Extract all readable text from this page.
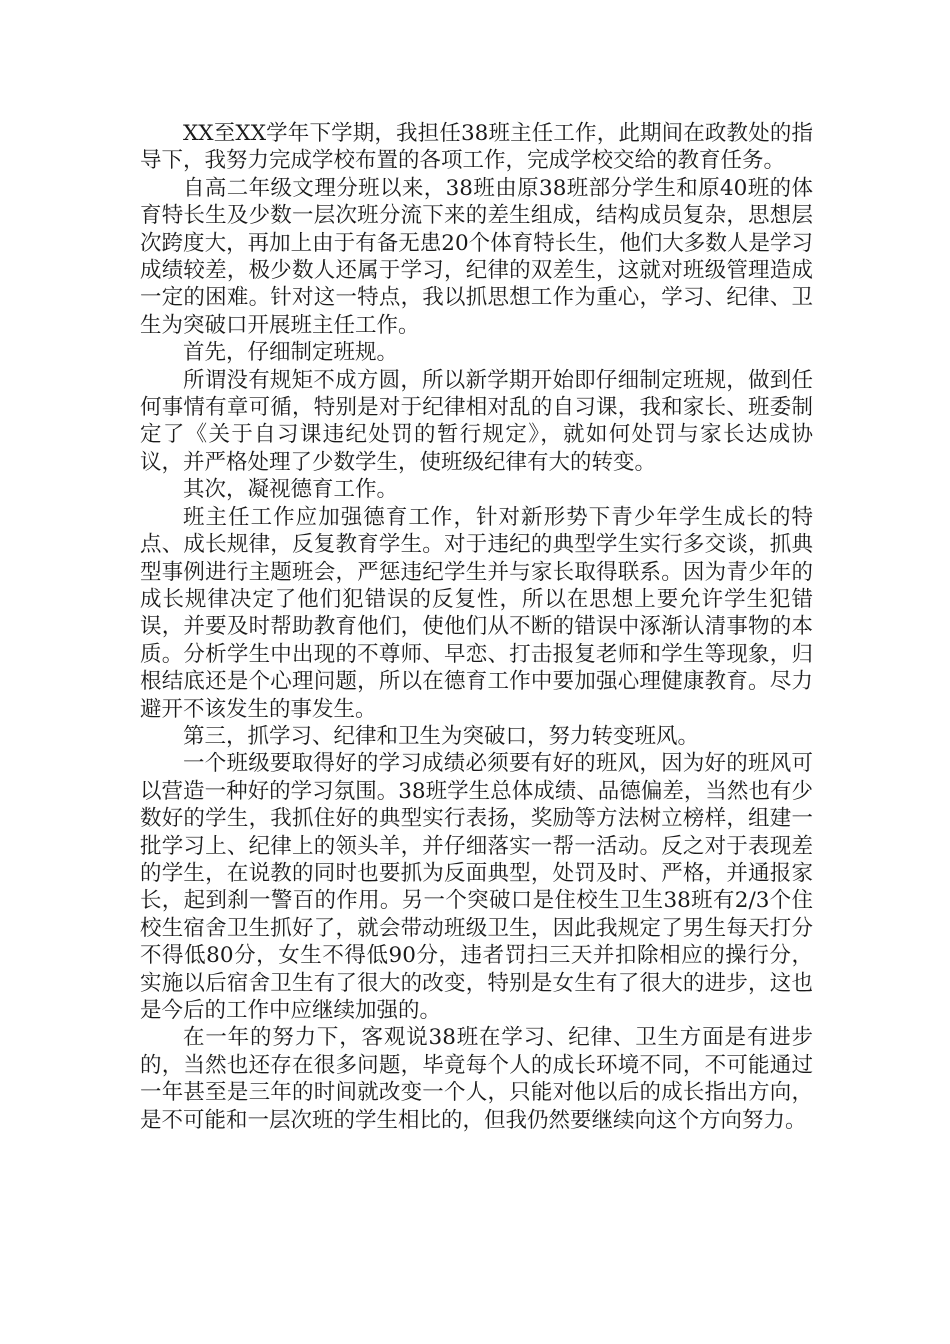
XX至XX学年下学期，我担任38班主任工作，此期间在政教处的指导下，我努力完成学校布置的各项工作，完成学校交给的教育任务。

自高二年级文理分班以来，38班由原38班部分学生和原40班的体育特长生及少数一层次班分流下来的差生组成，结构成员复杂，思想层次跨度大，再加上由于有备无患20个体育特长生，他们大多数人是学习成绩较差，极少数人还属于学习，纪律的双差生，这就对班级管理造成一定的困难。针对这一特点，我以抓思想工作为重心，学习、纪律、卫生为突破口开展班主任工作。

首先，仔细制定班规。

所谓没有规矩不成方圆，所以新学期开始即仔细制定班规，做到任何事情有章可循，特别是对于纪律相对乱的自习课，我和家长、班委制定了《关于自习课违纪处罚的暂行规定》，就如何处罚与家长达成协议，并严格处理了少数学生，使班级纪律有大的转变。

其次，凝视德育工作。

班主任工作应加强德育工作，针对新形势下青少年学生成长的特点、成长规律，反复教育学生。对于违纪的典型学生实行多交谈，抓典型事例进行主题班会，严惩违纪学生并与家长取得联系。因为青少年的成长规律决定了他们犯错误的反复性，所以在思想上要允许学生犯错误，并要及时帮助教育他们，使他们从不断的错误中涿渐认清事物的本质。分析学生中出现的不尊师、早恋、打击报复老师和学生等现象，归根结底还是个心理问题，所以在德育工作中要加强心理健康教育。尽力避开不该发生的事发生。

第三，抓学习、纪律和卫生为突破口，努力转变班风。

一个班级要取得好的学习成绩必须要有好的班风，因为好的班风可以营造一种好的学习氛围。38班学生总体成绩、品德偏差，当然也有少数好的学生，我抓住好的典型实行表扬，奖励等方法树立榜样，组建一批学习上、纪律上的领头羊，并仔细落实一帮一活动。反之对于表现差的学生，在说教的同时也要抓为反面典型，处罚及时、严格，并通报家长，起到刹一警百的作用。另一个突破口是住校生卫生38班有2/3个住校生宿舍卫生抓好了，就会带动班级卫生，因此我规定了男生每天打分不得低80分，女生不得低90分，违者罚扫三天并扣除相应的操行分，实施以后宿舍卫生有了很大的改变，特别是女生有了很大的进步，这也是今后的工作中应继续加强的。

在一年的努力下，客观说38班在学习、纪律、卫生方面是有进步的，当然也还存在很多问题，毕竟每个人的成长环境不同，不可能通过一年甚至是三年的时间就改变一个人，只能对他以后的成长指出方向，是不可能和一层次班的学生相比的，但我仍然要继续向这个方向努力。
